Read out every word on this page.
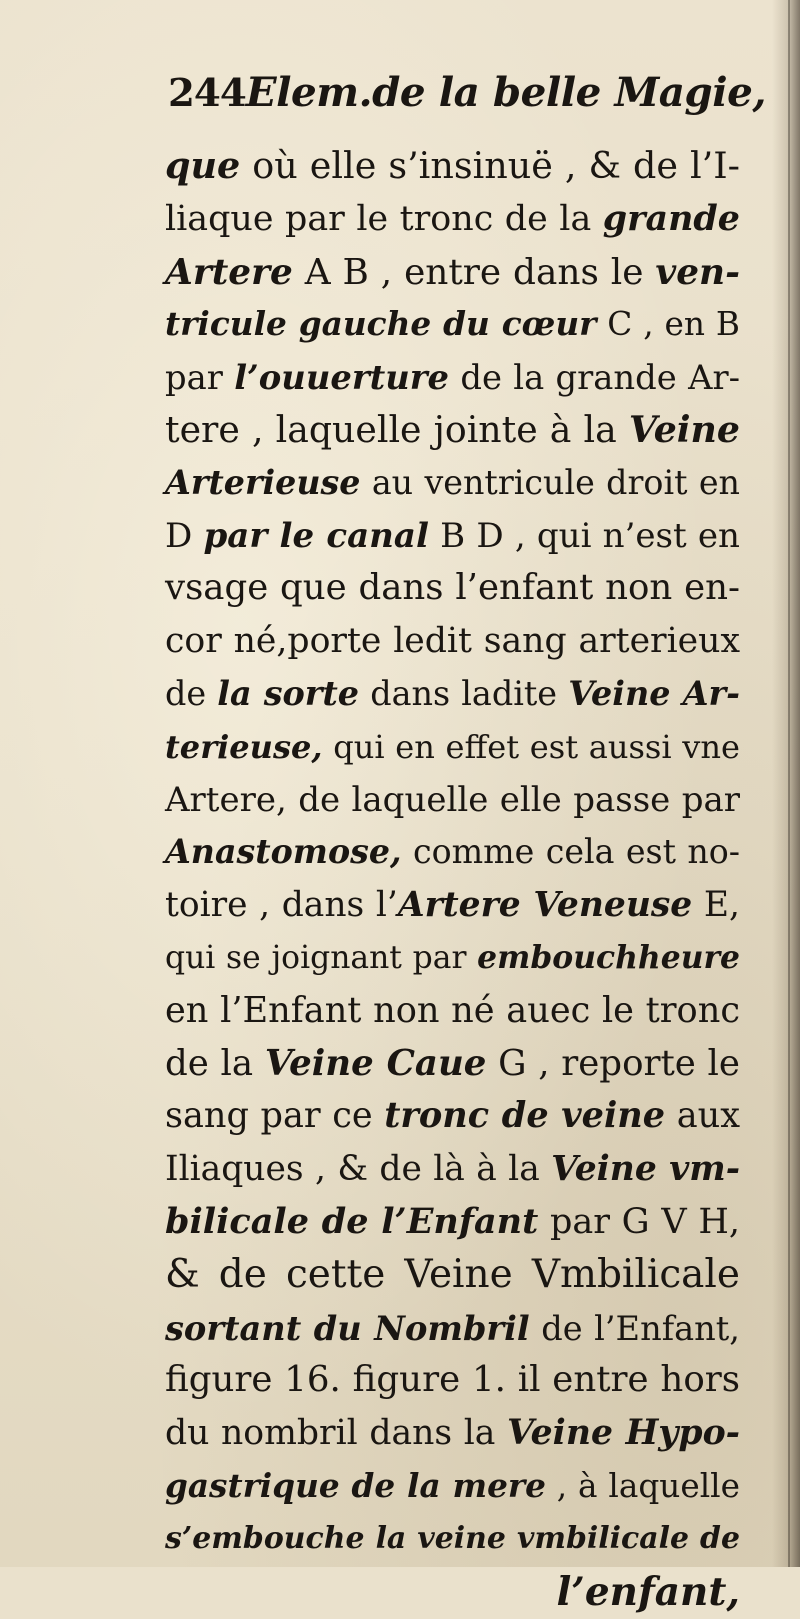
244Elem.de la belle Magie,
que où elle s’insinuë , & de l’I-
liaque par le tronc de la grande
Artere A B , entre dans le ven-
tricule gauche du cœur C , en B
par l’ouuerture de la grande Ar-
tere , laquelle jointe à la Veine
Arterieuse au ventricule droit en
D par le canal B D , qui n’est en
vsage que dans l’enfant non en-
cor né,porte ledit sang arterieux
de la sorte dans ladite Veine Ar-
terieuse, qui en effet est aussi vne
Artere, de laquelle elle passe par
Anastomose, comme cela est no-
toire , dans l’Artere Veneuse E,
qui se joignant par embouchheure
en l’Enfant non né auec le tronc
de la Veine Caue G , reporte le
sang par ce tronc de veine aux
Iliaques , & de là à la Veine vm-
bilicale de l’Enfant par G V H,
& de cette Veine Vmbilicale
sortant du Nombril de l’Enfant,
figure 16. figure 1. il entre hors
du nombril dans la Veine Hypo-
gastrique de la mere , à laquelle
s’embouche la veine vmbilicale de
l’enfant,
